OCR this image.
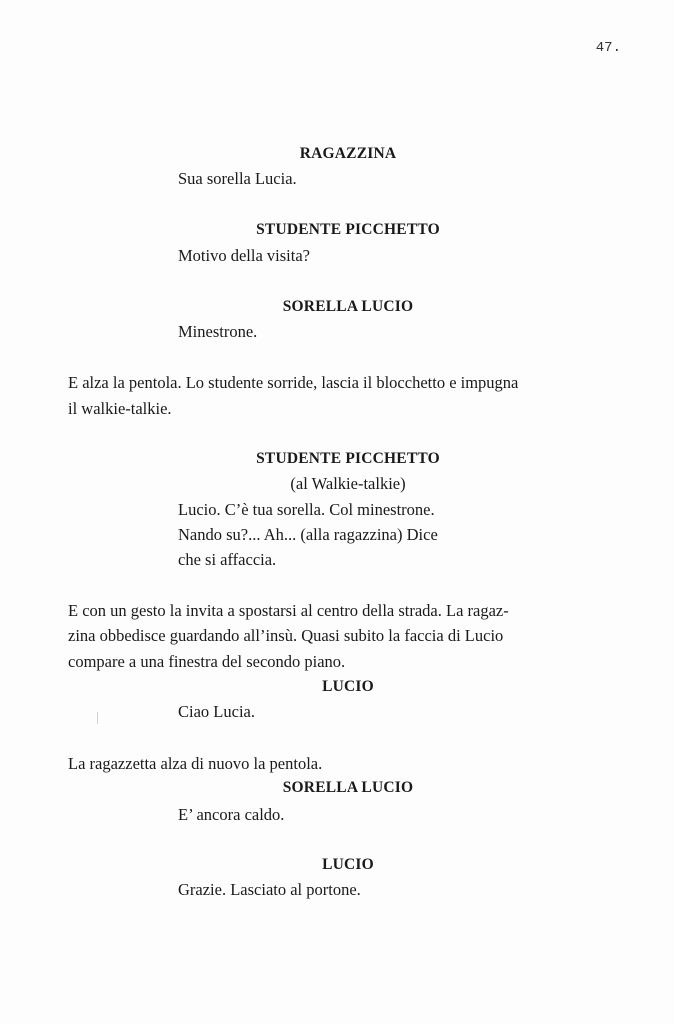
47.
RAGAZZINA
Sua sorella Lucia.
STUDENTE PICCHETTO
Motivo della visita?
SORELLA LUCIO
Minestrone.
E alza la pentola. Lo studente sorride, lascia il blocchetto e impugna
il walkie-talkie.
STUDENTE PICCHETTO
(al Walkie-talkie)
Lucio. C’è tua sorella. Col minestrone.
Nando su?... Ah... (alla ragazzina) Dice
che si affaccia.
E con un gesto la invita a spostarsi al centro della strada. La ragaz-
zina obbedisce guardando all’insù. Quasi subito la faccia di Lucio
compare a una finestra del secondo piano.
LUCIO
Ciao Lucia.
La ragazzetta alza di nuovo la pentola.
SORELLA LUCIO
E’ ancora caldo.
LUCIO
Grazie. Lasciato al portone.
